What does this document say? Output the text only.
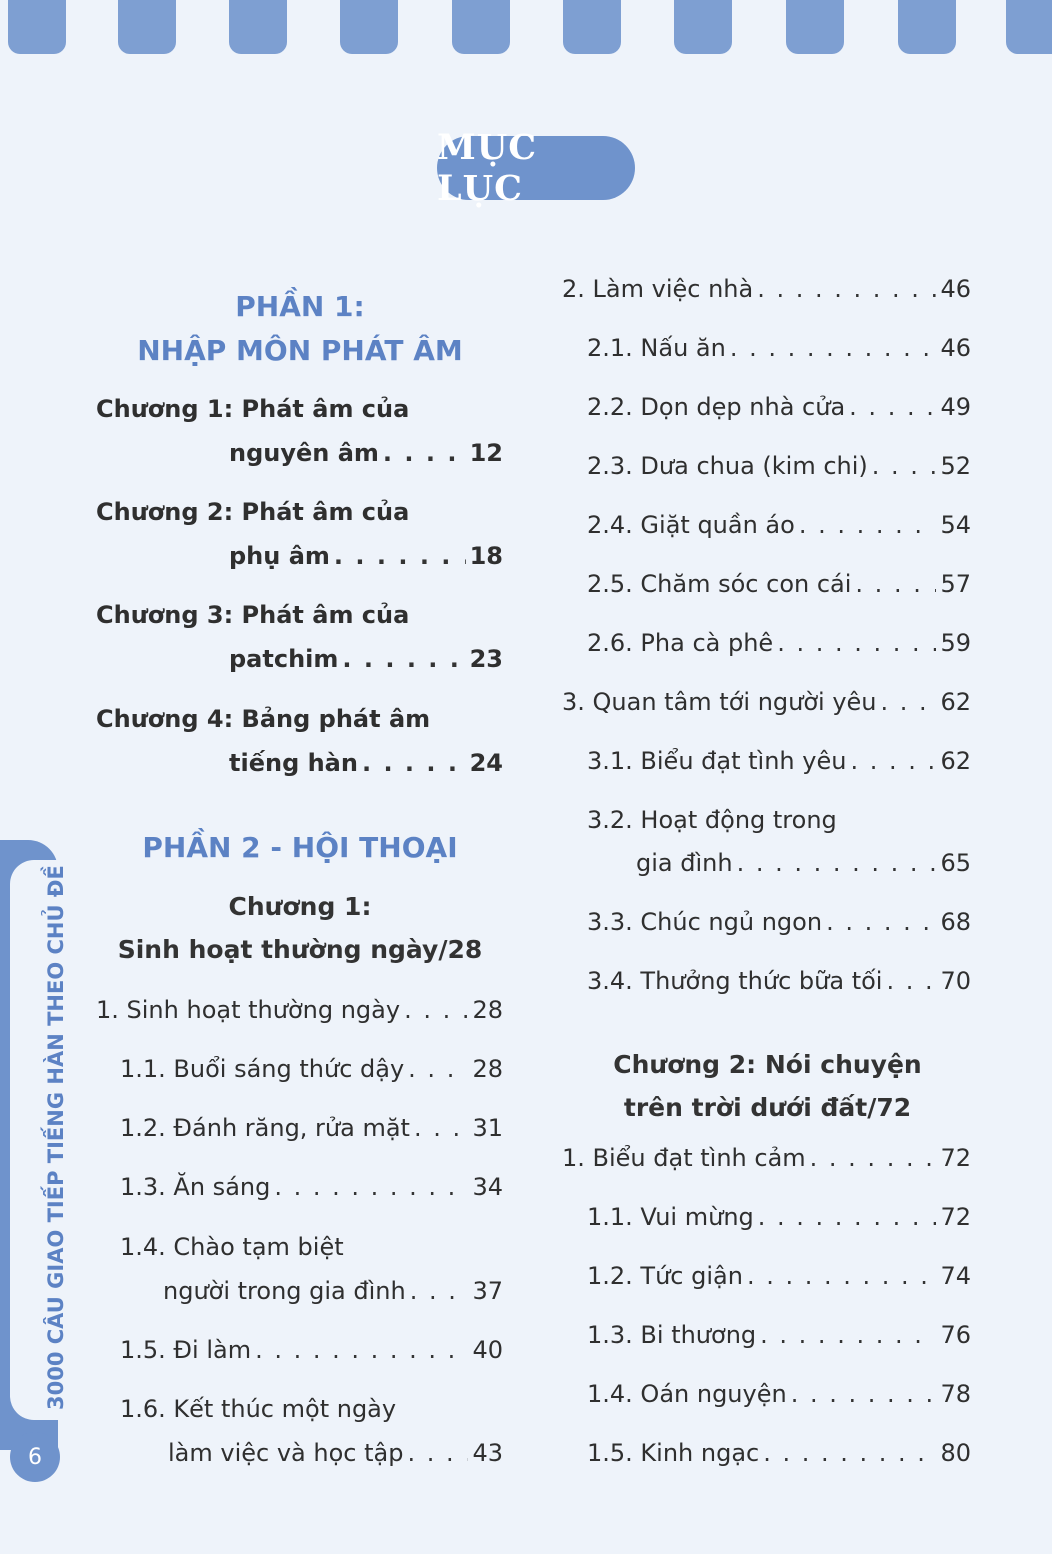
MỤC LỤC
PHẦN 1:
NHẬP MÔN PHÁT ÂM
Chương 1: Phát âm của
nguyên âm . . .	12
Chương 2: Phát âm của
phụ âm . . .	18
Chương 3: Phát âm của
patchim . . .	23
Chương 4: Bảng phát âm
tiếng hàn . . .	24
PHẦN 2 - HỘI THOẠI
Chương 1:
Sinh hoạt thường ngày/28
1. Sinh hoạt thường ngày . . .	28
1.1. Buổi sáng thức dậy . . .	28
1.2. Đánh răng, rửa mặt . . .	31
1.3. Ăn sáng . . .	34
1.4. Chào tạm biệt
người trong gia đình . . .	37
1.5. Đi làm . . .	40
1.6. Kết thúc một ngày
làm việc và học tập . . .	43
2. Làm việc nhà . . .	46
2.1. Nấu ăn . . .	46
2.2. Dọn dẹp nhà cửa . . .	49
2.3. Dưa chua (kim chi) . . .	52
2.4. Giặt quần áo . . .	54
2.5. Chăm sóc con cái . . .	57
2.6. Pha cà phê . . .	59
3. Quan tâm tới người yêu . . .	62
3.1. Biểu đạt tình yêu . . .	62
3.2. Hoạt động trong
gia đình . . .	65
3.3. Chúc ngủ ngon . . .	68
3.4. Thưởng thức bữa tối . . . 70
Chương 2: Nói chuyện
trên trời dưới đất/72
1. Biểu đạt tình cảm . . .	72
1.1. Vui mừng . . .	72
1.2. Tức giận . . .	74
1.3. Bi thương . . .	76
1.4. Oán nguyện . . .	78
1.5. Kinh ngạc . . .	80
3000 CÂU GIAO TIẾP TIẾNG HÀN THEO CHỦ ĐỀ
6
